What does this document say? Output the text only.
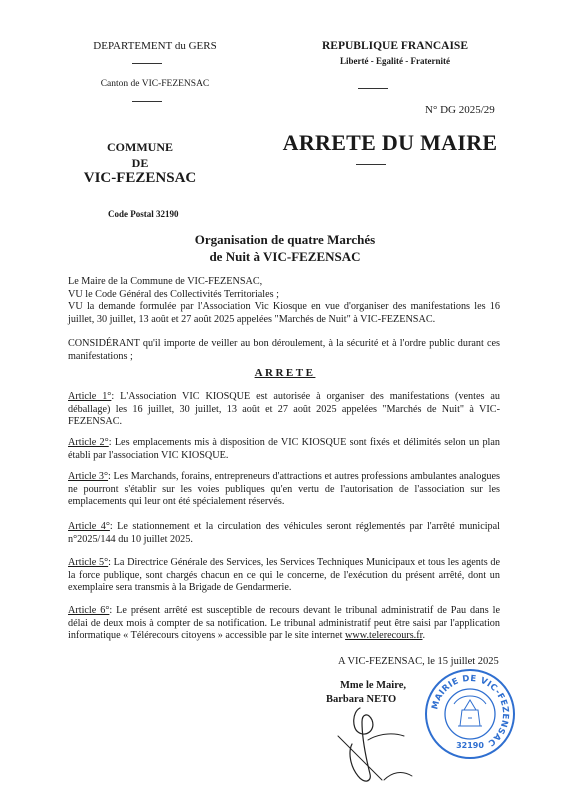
DEPARTEMENT du GERS
Canton de VIC-FEZENSAC
REPUBLIQUE FRANCAISE
Liberté - Egalité - Fraternité
N° DG 2025/29
COMMUNE
DE
VIC-FEZENSAC
Code Postal 32190
ARRETE DU MAIRE
Organisation de quatre Marchés
de Nuit à VIC-FEZENSAC

Le Maire de la Commune de VIC-FEZENSAC,

VU le Code Général des Collectivités Territoriales ;

VU la demande formulée par l'Association Vic Kiosque en vue d'organiser des manifestations les 16 juillet, 30 juillet, 13 août et 27 août 2025 appelées "Marchés de Nuit" à VIC-FEZENSAC.

CONSIDÉRANT qu'il importe de veiller au bon déroulement, à la sécurité et à l'ordre public durant ces manifestations ;

ARRETE

Article 1°: L'Association VIC KIOSQUE est autorisée à organiser des manifestations (ventes au déballage) les 16 juillet, 30 juillet, 13 août et 27 août 2025 appelées "Marchés de Nuit" à VIC-FEZENSAC.

Article 2°: Les emplacements mis à disposition de VIC KIOSQUE sont fixés et délimités selon un plan établi par l'association VIC KIOSQUE.

Article 3°: Les Marchands, forains, entrepreneurs d'attractions et autres professions ambulantes analogues ne pourront s'établir sur les voies publiques qu'en vertu de l'autorisation de l'association sur les emplacements qui leur ont été spécialement réservés.

Article 4°: Le stationnement et la circulation des véhicules seront réglementés par l'arrêté municipal n°2025/144 du 10 juillet 2025.

Article 5°: La Directrice Générale des Services, les Services Techniques Municipaux et tous les agents de la force publique, sont chargés chacun en ce qui le concerne, de l'exécution du présent arrêté, dont un exemplaire sera transmis à la Brigade de Gendarmerie.

Article 6°: Le présent arrêté est susceptible de recours devant le tribunal administratif de Pau dans le délai de deux mois à compter de sa notification. Le tribunal administratif peut être saisi par l'application informatique « Télérecours citoyens » accessible par le site internet www.telerecours.fr.

A VIC-FEZENSAC, le 15 juillet 2025
Mme le Maire,
Barbara NETO	MAIRIE DE VIC-FEZENSAC
32190
